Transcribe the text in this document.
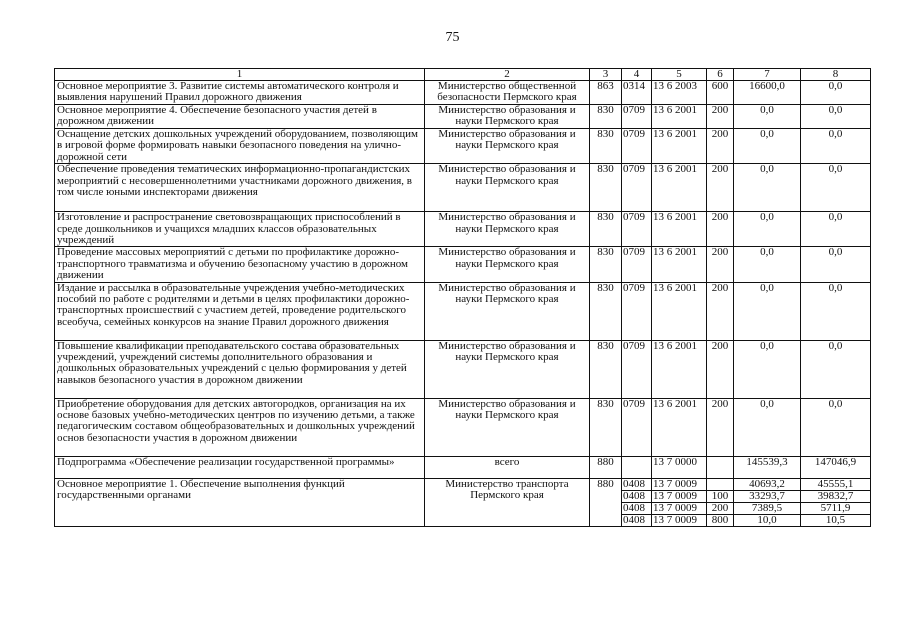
75
1	2	3	4	5	6	7	8
Основное мероприятие 3. Развитие системы автоматического контроля и выявления нарушений Правил дорожного движения	Министерство общественной безопасности Пермского края	863	0314	13 6 2003	600	16600,0	0,0
Основное мероприятие 4. Обеспечение безопасного участия детей в дорожном движении	Министерство образования и науки Пермского края	830	0709	13 6 2001	200	0,0	0,0
Оснащение детских дошкольных учреждений оборудованием, позволяющим в игровой форме формировать навыки безопасного поведения на улично-дорожной сети	Министерство образования и науки Пермского края	830	0709	13 6 2001	200	0,0	0,0
Обеспечение проведения тематических информационно-пропагандистских мероприятий с несовершеннолетними участниками дорожного движения, в том числе юными инспекторами движения	Министерство образования и науки Пермского края	830	0709	13 6 2001	200	0,0	0,0
Изготовление и распространение световозвращающих приспособлений в среде дошкольников и учащихся младших классов образовательных учреждений	Министерство образования и науки Пермского края	830	0709	13 6 2001	200	0,0	0,0
Проведение массовых мероприятий с детьми по профилактике дорожно-транспортного травматизма и обучению безопасному участию в дорожном движении	Министерство образования и науки Пермского края	830	0709	13 6 2001	200	0,0	0,0
Издание и рассылка в образовательные учреждения учебно-методических пособий по работе с родителями и детьми в целях профилактики дорожно-транспортных происшествий с участием детей, проведение родительского всеобуча, семейных конкурсов на знание Правил дорожного движения	Министерство образования и науки Пермского края	830	0709	13 6 2001	200	0,0	0,0
Повышение квалификации преподавательского состава образовательных учреждений, учреждений системы дополнительного образования и дошкольных образовательных учреждений с целью формирования у детей навыков безопасного участия в дорожном движении	Министерство образования и науки Пермского края	830	0709	13 6 2001	200	0,0	0,0
Приобретение оборудования для детских автогородков, организация на их основе базовых учебно-методических центров по изучению детьми, а также педагогическим составом общеобразовательных и дошкольных учреждений основ безопасности участия в дорожном движении	Министерство образования и науки Пермского края	830	0709	13 6 2001	200	0,0	0,0
Подпрограмма «Обеспечение реализации государственной программы»	всего	880		13 7 0000		145539,3	147046,9
Основное мероприятие 1. Обеспечение выполнения функций государственными органами	Министерство транспорта Пермского края	880	0408	13 7 0009		40693,2	45555,1
			0408	13 7 0009	100	33293,7	39832,7
			0408	13 7 0009	200	7389,5	5711,9
			0408	13 7 0009	800	10,0	10,5
